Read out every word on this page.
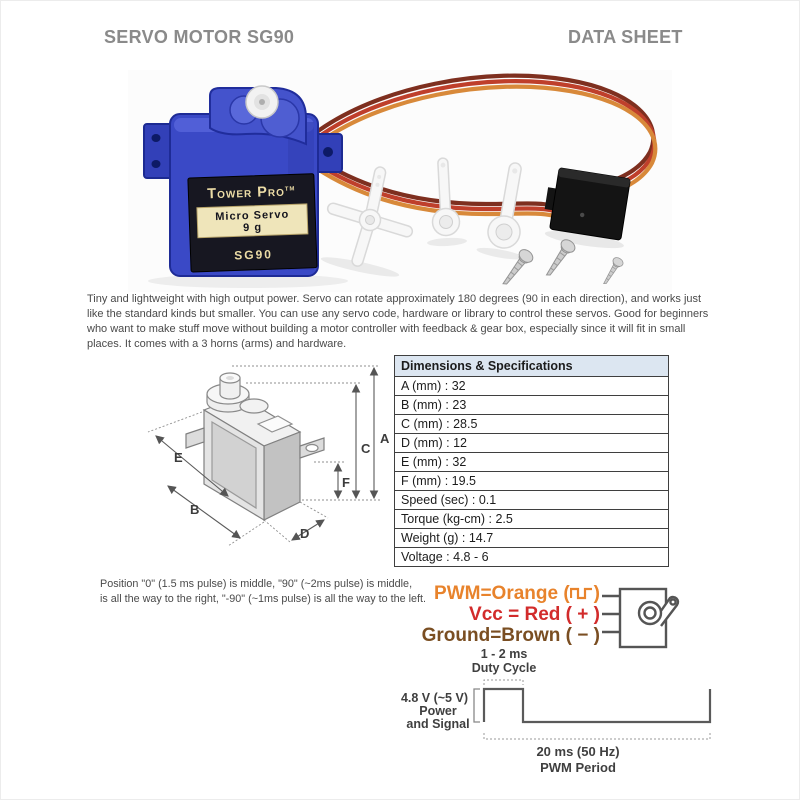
SERVO MOTOR SG90	DATA SHEET
Tower Pro™
Micro Servo
9 g
SG90
Tiny and lightweight with high output power. Servo can rotate approximately 180 degrees (90 in each direction), and works just like the standard kinds but smaller. You can use any servo code, hardware or library to control these servos. Good for beginners who want to make stuff move without building a motor controller with feedback & gear box, especially since it will fit in small places. It comes with a 3 horns (arms) and hardware.
A
C
F
E
B
D
Dimensions & Specifications
A (mm) : 32
B (mm) : 23
C (mm) : 28.5
D (mm) : 12
E (mm) : 32
F (mm) : 19.5
Speed (sec) : 0.1
Torque (kg-cm) : 2.5
Weight (g) : 14.7
Voltage : 4.8 - 6
Position "0" (1.5 ms pulse) is middle, "90" (~2ms pulse) is middle,
is all the way to the right, "-90" (~1ms pulse) is all the way to the left. PWM=Orange ( )
Vcc = Red ( + )
Ground=Brown ( − )
1 - 2 ms
Duty Cycle
4.8 V (~5 V)
Power
and Signal
20 ms (50 Hz)
PWM Period
